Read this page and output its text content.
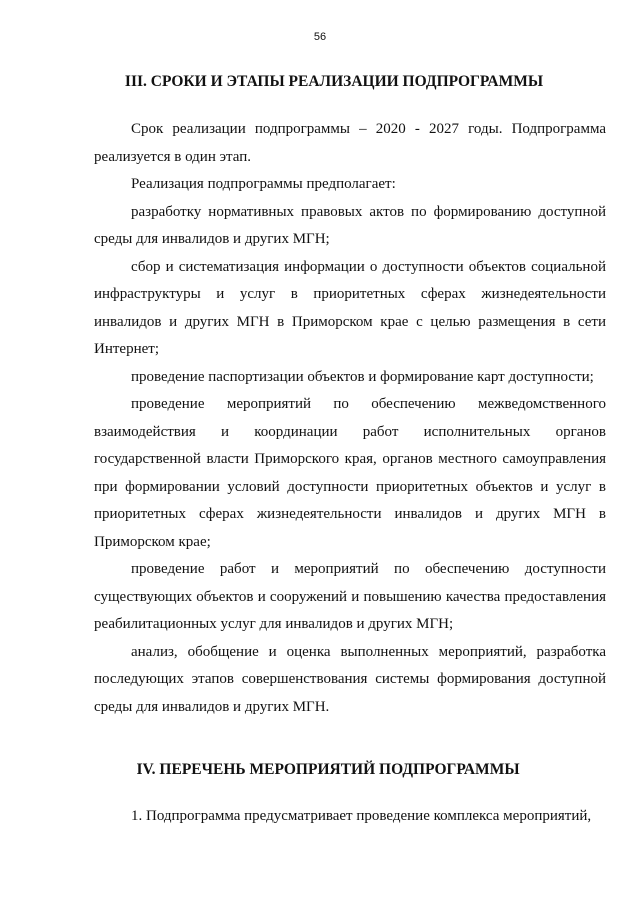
56
III. СРОКИ И ЭТАПЫ РЕАЛИЗАЦИИ ПОДПРОГРАММЫ

Срок реализации подпрограммы – 2020 - 2027 годы. Подпрограмма реализуется в один этап.

Реализация подпрограммы предполагает:

разработку нормативных правовых актов по формированию доступной среды для инвалидов и других МГН;

сбор и систематизация информации о доступности объектов социальной инфраструктуры и услуг в приоритетных сферах жизнедеятельности инвалидов и других МГН в Приморском крае с целью размещения в сети Интернет;

проведение паспортизации объектов и формирование карт доступности;

проведение мероприятий по обеспечению межведомственного взаимодействия и координации работ исполнительных органов государственной власти Приморского края, органов местного самоуправления при формировании условий доступности приоритетных объектов и услуг в приоритетных сферах жизнедеятельности инвалидов и других МГН в Приморском крае;

проведение работ и мероприятий по обеспечению доступности существующих объектов и сооружений и повышению качества предоставления реабилитационных услуг для инвалидов и других МГН;

анализ, обобщение и оценка выполненных мероприятий, разработка последующих этапов совершенствования системы формирования доступной среды для инвалидов и других МГН.

IV. ПЕРЕЧЕНЬ МЕРОПРИЯТИЙ ПОДПРОГРАММЫ

1. Подпрограмма предусматривает проведение комплекса мероприятий,
